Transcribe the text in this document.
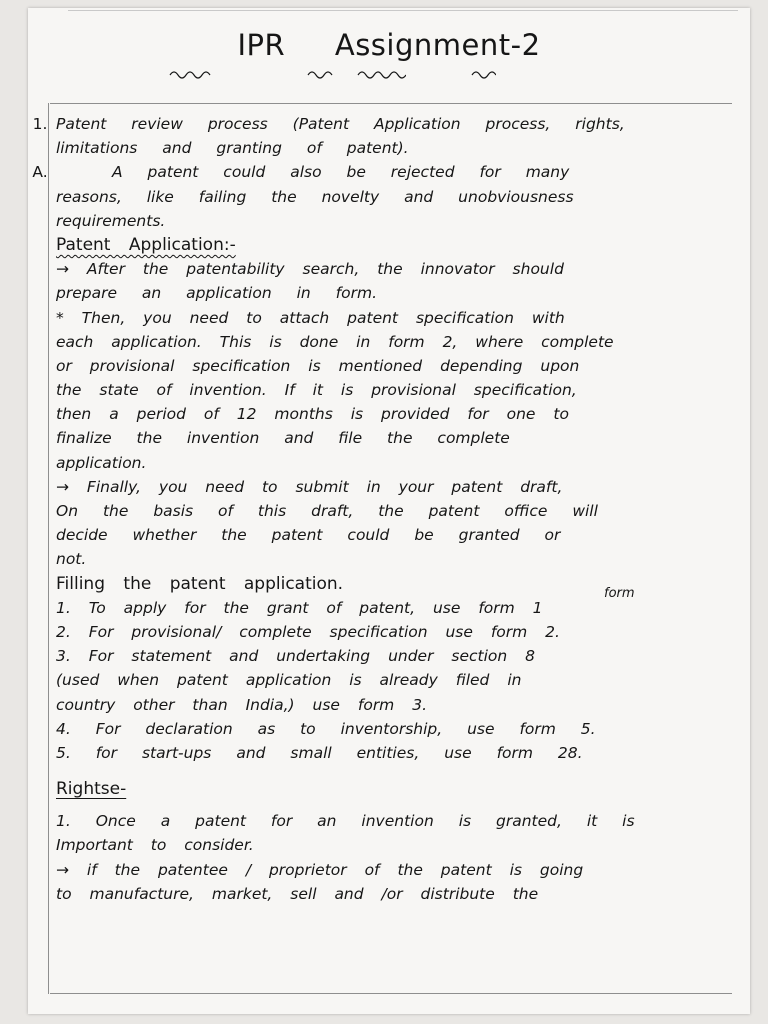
IPR Assignment-2
1. Patent review process (Patent Application process, rights,
limitations and granting of patent).
A.	A patent could also be rejected for many
reasons, like failing the novelty and unobviousness
requirements.
Patent Application:-
→ After the patentability search, the innovator should
prepare an application in form.
* Then, you need to attach patent specification with
each application. This is done in form 2, where complete
or provisional specification is mentioned depending upon
the state of invention. If it is provisional specification,
then a period of 12 months is provided for one to
finalize the invention and file the complete
application.
→ Finally, you need to submit in your patent draft,
On the basis of this draft, the patent office will
decide whether the patent could be granted or
not.
Filling the patent application.	form
1. To apply for the grant of patent, use form 1
2. For provisional/ complete specification use form 2.
3. For statement and undertaking under section 8
(used when patent application is already filed in
country other than India,) use form 3.
4. For declaration as to inventorship, use form 5.
5. for start-ups and small entities, use form 28.
Rightse-
1. Once a patent for an invention is granted, it is
Important to consider.
→ if the patentee / proprietor of the patent is going
to manufacture, market, sell and /or distribute the
